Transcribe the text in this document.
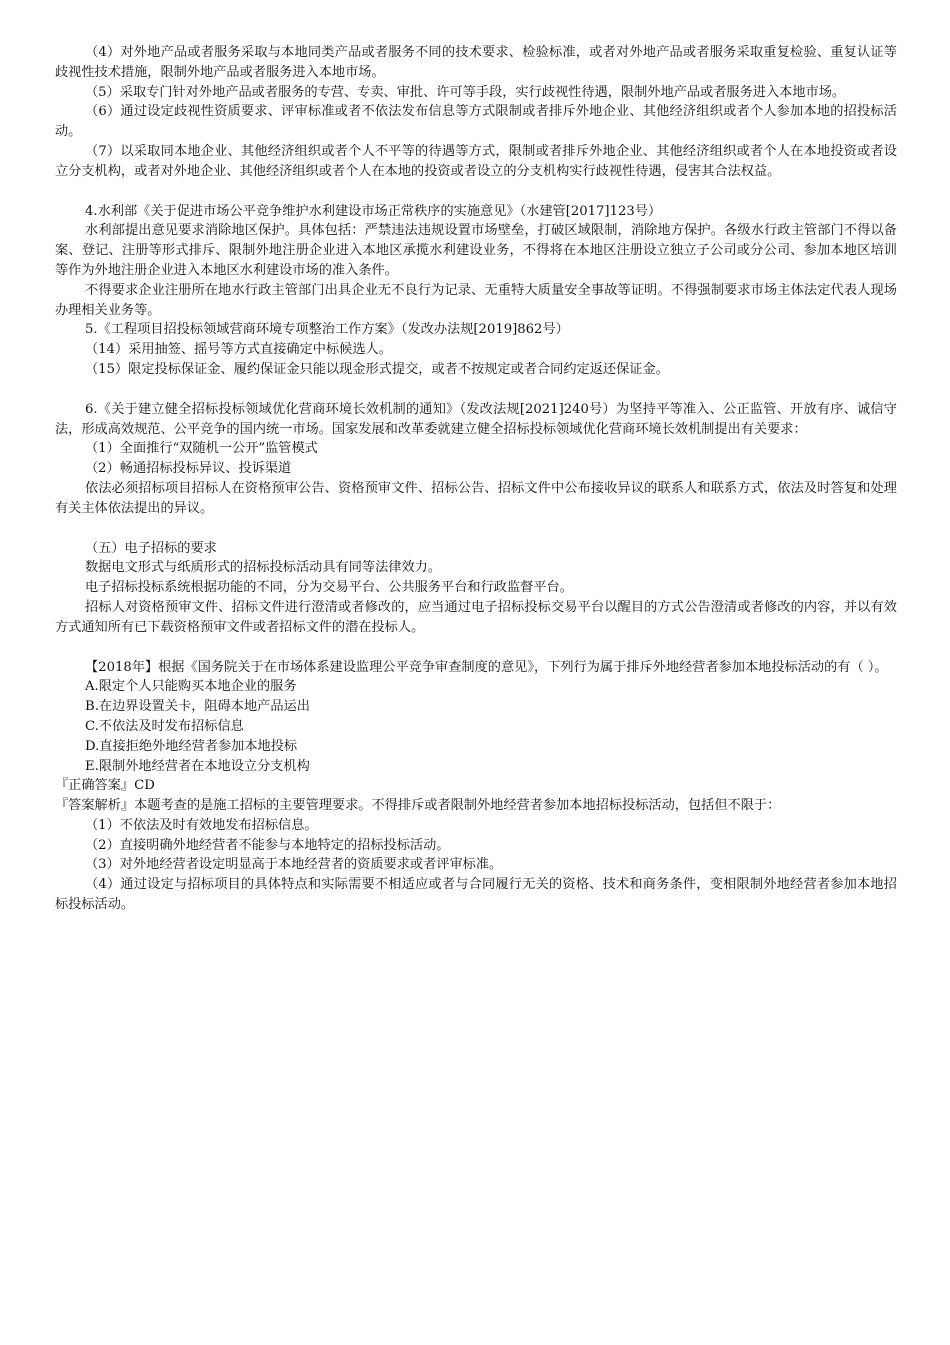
（4）对外地产品或者服务采取与本地同类产品或者服务不同的技术要求、检验标准，或者对外地产品或者服务采取重复检验、重复认证等歧视性技术措施，限制外地产品或者服务进入本地市场。

（5）采取专门针对外地产品或者服务的专营、专卖、审批、许可等手段，实行歧视性待遇，限制外地产品或者服务进入本地市场。

（6）通过设定歧视性资质要求、评审标准或者不依法发布信息等方式限制或者排斥外地企业、其他经济组织或者个人参加本地的招投标活动。

（7）以采取同本地企业、其他经济组织或者个人不平等的待遇等方式，限制或者排斥外地企业、其他经济组织或者个人在本地投资或者设立分支机构，或者对外地企业、其他经济组织或者个人在本地的投资或者设立的分支机构实行歧视性待遇，侵害其合法权益。

4.水利部《关于促进市场公平竞争维护水利建设市场正常秩序的实施意见》（水建管[2017]123号）

水利部提出意见要求消除地区保护。具体包括：严禁违法违规设置市场壁垒，打破区域限制，消除地方保护。各级水行政主管部门不得以备案、登记、注册等形式排斥、限制外地注册企业进入本地区承揽水利建设业务，不得将在本地区注册设立独立子公司或分公司、参加本地区培训等作为外地注册企业进入本地区水利建设市场的准入条件。

不得要求企业注册所在地水行政主管部门出具企业无不良行为记录、无重特大质量安全事故等证明。不得强制要求市场主体法定代表人现场办理相关业务等。

5.《工程项目招投标领域营商环境专项整治工作方案》（发改办法规[2019]862号）

（14）采用抽签、摇号等方式直接确定中标候选人。

（15）限定投标保证金、履约保证金只能以现金形式提交，或者不按规定或者合同约定返还保证金。

6.《关于建立健全招标投标领域优化营商环境长效机制的通知》（发改法规[2021]240号）为坚持平等准入、公正监管、开放有序、诚信守法，形成高效规范、公平竞争的国内统一市场。国家发展和改革委就建立健全招标投标领域优化营商环境长效机制提出有关要求：

（1）全面推行“双随机一公开”监管模式

（2）畅通招标投标异议、投诉渠道

依法必须招标项目招标人在资格预审公告、资格预审文件、招标公告、招标文件中公布接收异议的联系人和联系方式，依法及时答复和处理有关主体依法提出的异议。

（五）电子招标的要求

数据电文形式与纸质形式的招标投标活动具有同等法律效力。

电子招标投标系统根据功能的不同，分为交易平台、公共服务平台和行政监督平台。

招标人对资格预审文件、招标文件进行澄清或者修改的，应当通过电子招标投标交易平台以醒目的方式公告澄清或者修改的内容，并以有效方式通知所有已下载资格预审文件或者招标文件的潜在投标人。

【2018年】根据《国务院关于在市场体系建设监理公平竞争审查制度的意见》，下列行为属于排斥外地经营者参加本地投标活动的有（ ）。

A.限定个人只能购买本地企业的服务

B.在边界设置关卡，阻碍本地产品运出

C.不依法及时发布招标信息

D.直接拒绝外地经营者参加本地投标

E.限制外地经营者在本地设立分支机构

『正确答案』CD

『答案解析』本题考查的是施工招标的主要管理要求。不得排斥或者限制外地经营者参加本地招标投标活动，包括但不限于：

（1）不依法及时有效地发布招标信息。

（2）直接明确外地经营者不能参与本地特定的招标投标活动。

（3）对外地经营者设定明显高于本地经营者的资质要求或者评审标准。

（4）通过设定与招标项目的具体特点和实际需要不相适应或者与合同履行无关的资格、技术和商务条件，变相限制外地经营者参加本地招标投标活动。
